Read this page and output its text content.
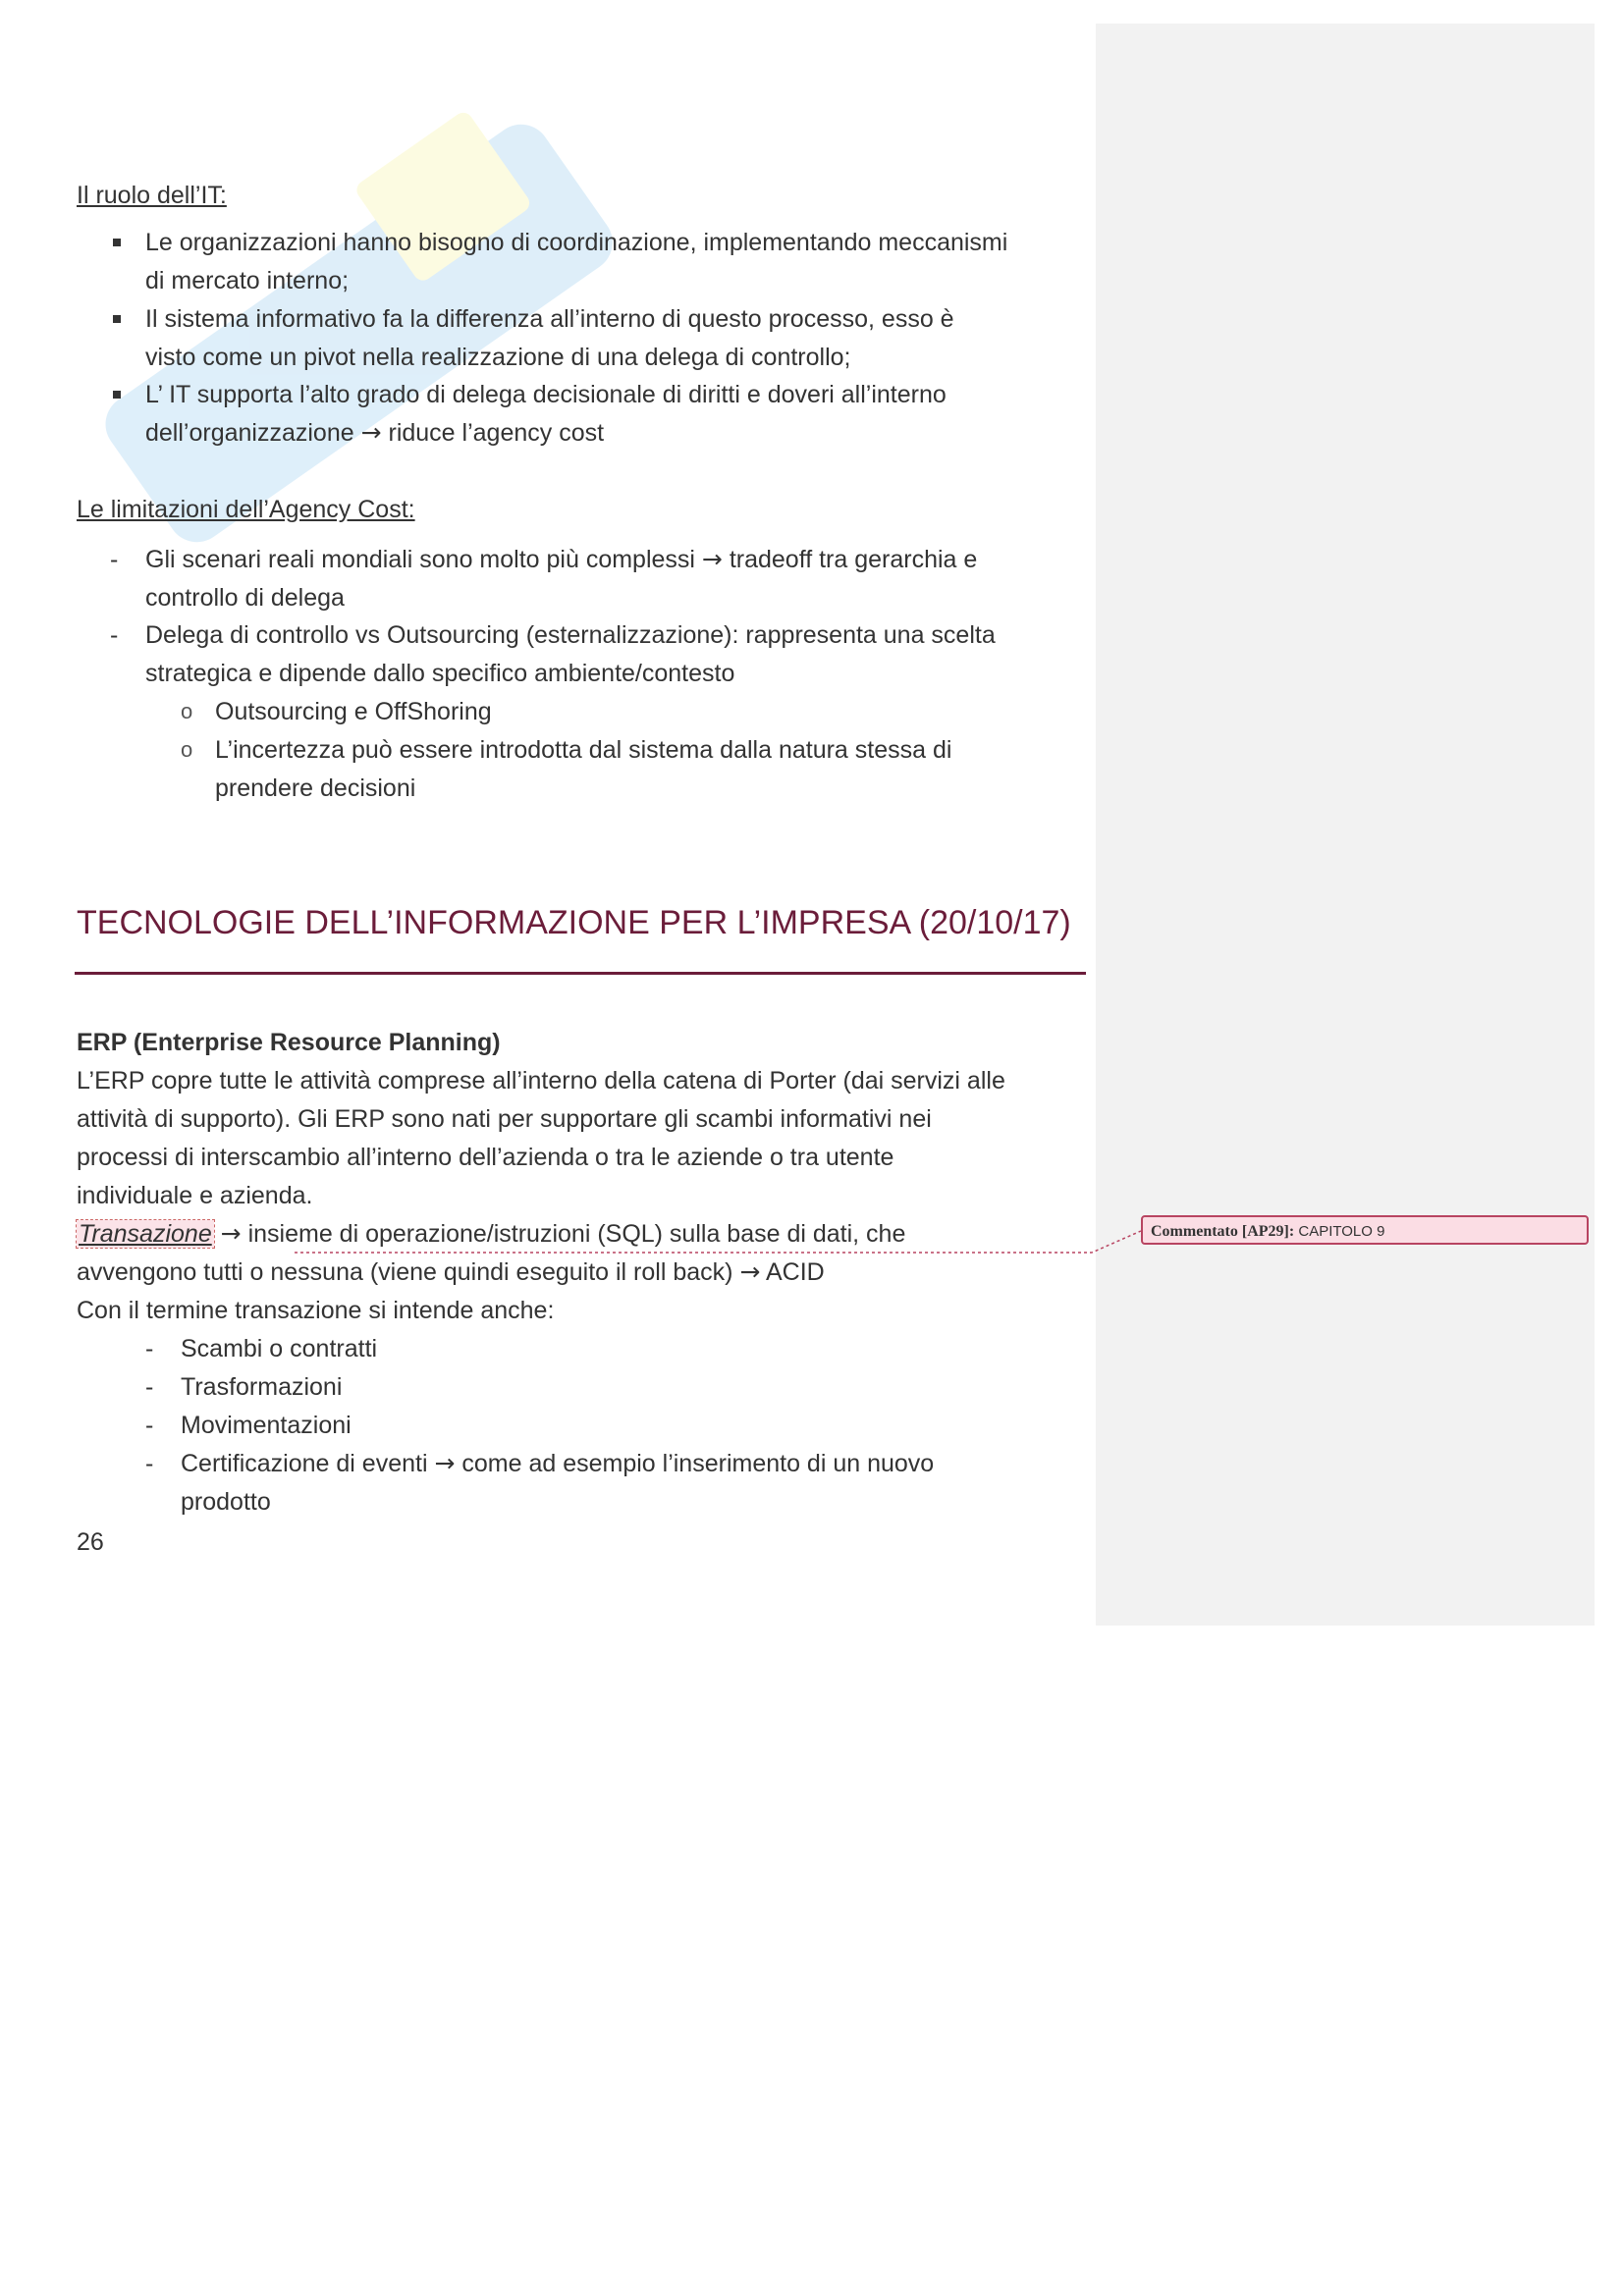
Il ruolo dell’IT:
Le organizzazioni hanno bisogno di coordinazione, implementando meccanismi
di mercato interno;
Il sistema informativo fa la differenza all’interno di questo processo, esso è
visto come un pivot nella realizzazione di una delega di controllo;
L’ IT supporta l’alto grado di delega decisionale di diritti e doveri all’interno
dell’organizzazione → riduce l’agency cost
Le limitazioni dell’Agency Cost:
- Gli scenari reali mondiali sono molto più complessi → tradeoff tra gerarchia e
controllo di delega
- Delega di controllo vs Outsourcing (esternalizzazione): rappresenta una scelta
strategica e dipende dallo specifico ambiente/contesto
o Outsourcing e OffShoring
o L’incertezza può essere introdotta dal sistema dalla natura stessa di
prendere decisioni
TECNOLOGIE DELL’INFORMAZIONE PER L’IMPRESA (20/10/17)
ERP (Enterprise Resource Planning)
L’ERP copre tutte le attività comprese all’interno della catena di Porter (dai servizi alle
attività di supporto). Gli ERP sono nati per supportare gli scambi informativi nei
processi di interscambio all’interno dell’azienda o tra le aziende o tra utente
individuale e azienda.
Transazione → insieme di operazione/istruzioni (SQL) sulla base di dati, che
avvengono tutti o nessuna (viene quindi eseguito il roll back) → ACID
Con il termine transazione si intende anche:
- Scambi o contratti
- Trasformazioni
- Movimentazioni
- Certificazione di eventi → come ad esempio l’inserimento di un nuovo
prodotto
26
Commentato [AP29]: CAPITOLO 9
